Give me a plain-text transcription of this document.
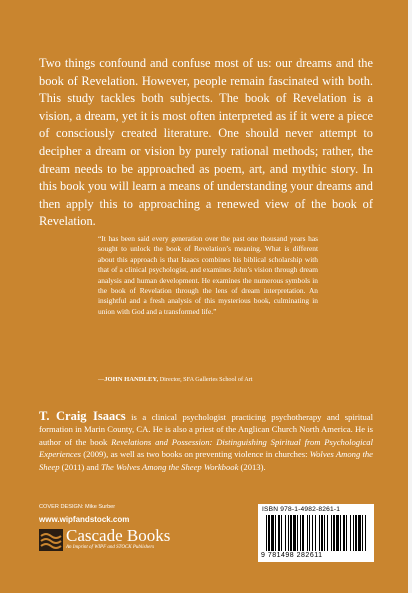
Two things confound and confuse most of us: our dreams and the book of Revelation. However, people remain fascinated with both. This study tackles both subjects. The book of Revelation is a vision, a dream, yet it is most often interpreted as if it were a piece of consciously created literature. One should never attempt to decipher a dream or vision by purely rational methods; rather, the dream needs to be approached as poem, art, and mythic story. In this book you will learn a means of understanding your dreams and then apply this to approaching a renewed view of the book of Revelation.

“It has been said every generation over the past one thousand years has sought to unlock the book of Revelation’s meaning. What is different about this approach is that Isaacs combines his biblical scholarship with that of a clinical psychologist, and examines John’s vision through dream analysis and human development. He examines the numerous symbols in the book of Revelation through the lens of dream interpretation. An insightful and a fresh analysis of this mysterious book, culminating in union with God and a transformed life.”

—JOHN HANDLEY, Director, SFA Galleries School of Art

T. Craig Isaacs is a clinical psychologist practicing psychotherapy and spiritual formation in Marin County, CA. He is also a priest of the Anglican Church North America. He is author of the book Revelations and Possession: Distinguishing Spiritual from Psychological Experiences (2009), as well as two books on preventing violence in churches: Wolves Among the Sheep (2011) and The Wolves Among the Sheep Workbook (2013).

COVER DESIGN: Mike Surber

www.wipfandstock.com

Cascade Books
An Imprint of WIPF and STOCK Publishers
ISBN 978-1-4982-8261-1
9 781498 282611
